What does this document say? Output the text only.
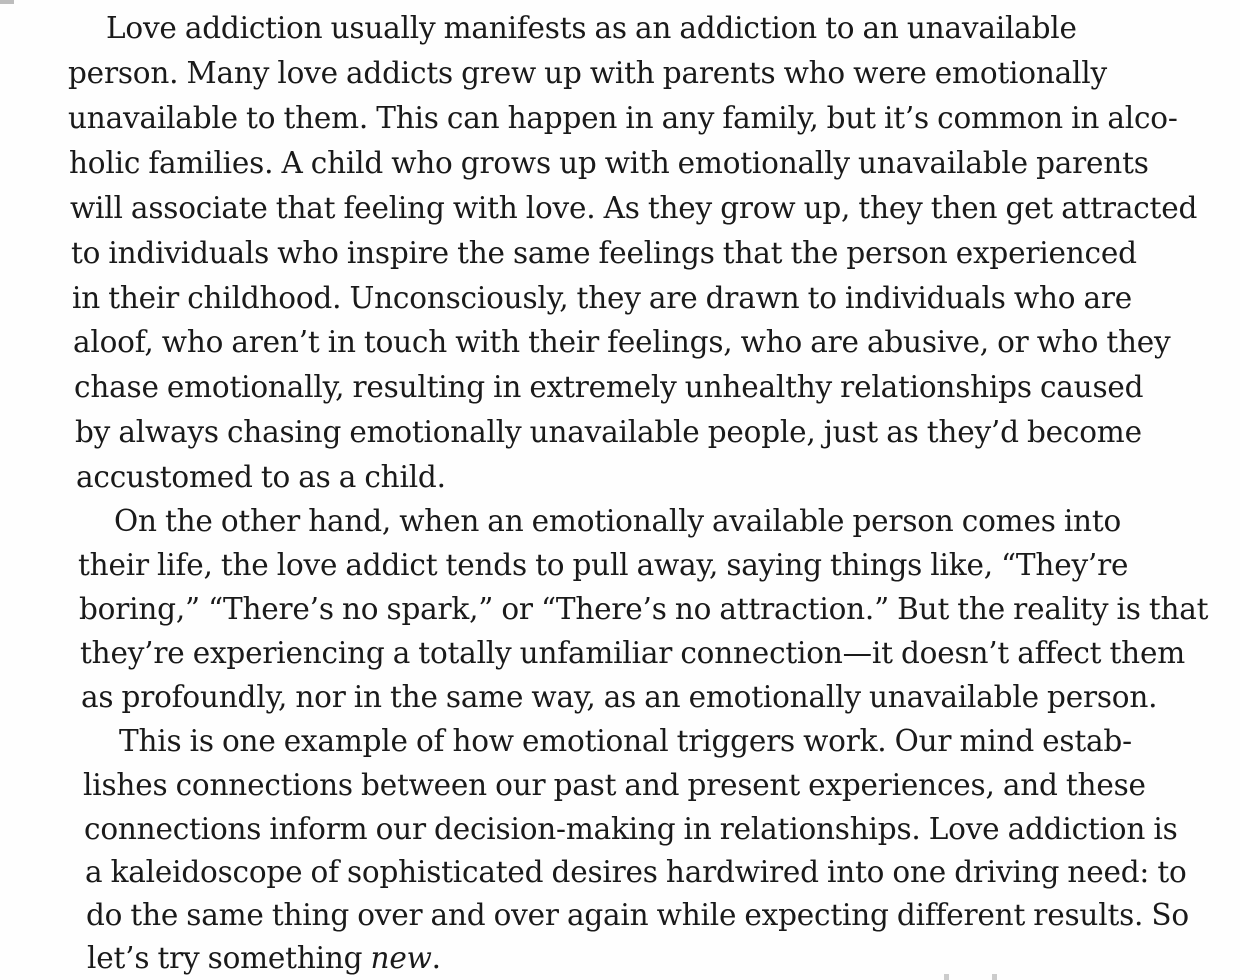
Love addiction usually manifests as an addiction to an unavailable
person. Many love addicts grew up with parents who were emotionally
unavailable to them. This can happen in any family, but it’s common in alco-
holic families. A child who grows up with emotionally unavailable parents
will associate that feeling with love. As they grow up, they then get attracted
to individuals who inspire the same feelings that the person experienced
in their childhood. Unconsciously, they are drawn to individuals who are
aloof, who aren’t in touch with their feelings, who are abusive, or who they
chase emotionally, resulting in extremely unhealthy relationships caused
by always chasing emotionally unavailable people, just as they’d become
accustomed to as a child.
On the other hand, when an emotionally available person comes into
their life, the love addict tends to pull away, saying things like, “They’re
boring,” “There’s no spark,” or “There’s no attraction.” But the reality is that
they’re experiencing a totally unfamiliar connection—it doesn’t affect them
as profoundly, nor in the same way, as an emotionally unavailable person.
This is one example of how emotional triggers work. Our mind estab-
lishes connections between our past and present experiences, and these
connections inform our decision-making in relationships. Love addiction is
a kaleidoscope of sophisticated desires hardwired into one driving need: to
do the same thing over and over again while expecting different results. So
let’s try something new.
